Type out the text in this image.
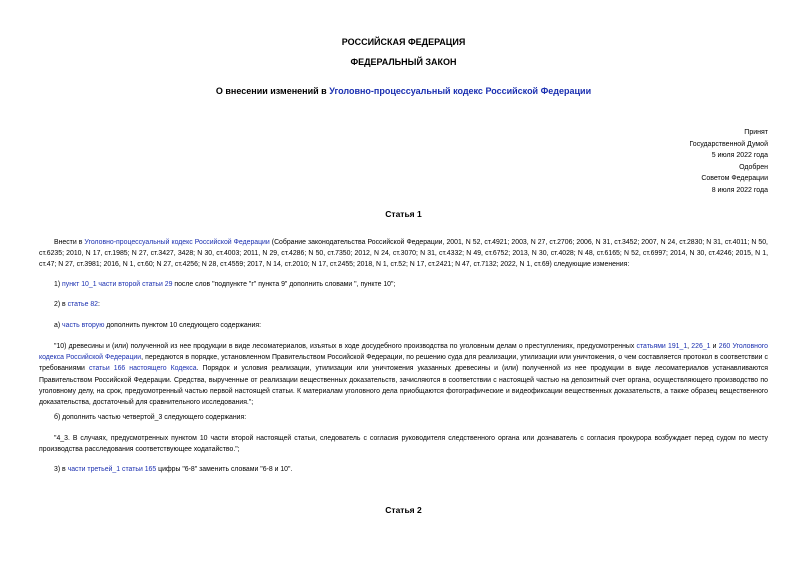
РОССИЙСКАЯ ФЕДЕРАЦИЯ
ФЕДЕРАЛЬНЫЙ ЗАКОН
О внесении изменений в Уголовно-процессуальный кодекс Российской Федерации
Принят
Государственной Думой
5 июля 2022 года
Одобрен
Советом Федерации
8 июля 2022 года
Статья 1
Внести в Уголовно-процессуальный кодекс Российской Федерации (Собрание законодательства Российской Федерации, 2001, N 52, ст.4921; 2003, N 27, ст.2706; 2006, N 31, ст.3452; 2007, N 24, ст.2830; N 31, ст.4011; N 50, ст.6235; 2010, N 17, ст.1985; N 27, ст.3427, 3428; N 30, ст.4003; 2011, N 29, ст.4286; N 50, ст.7350; 2012, N 24, ст.3070; N 31, ст.4332; N 49, ст.6752; 2013, N 30, ст.4028; N 48, ст.6165; N 52, ст.6997; 2014, N 30, ст.4246; 2015, N 1, ст.47; N 27, ст.3981; 2016, N 1, ст.60; N 27, ст.4256; N 28, ст.4559; 2017, N 14, ст.2010; N 17, ст.2455; 2018, N 1, ст.52; N 17, ст.2421; N 47, ст.7132; 2022, N 1, ст.69) следующие изменения:
1) пункт 10_1 части второй статьи 29 после слов "подпункте "г" пункта 9" дополнить словами ", пункте 10";
2) в статье 82:
а) часть вторую дополнить пунктом 10 следующего содержания:
"10) древесины и (или) полученной из нее продукции в виде лесоматериалов, изъятых в ходе досудебного производства по уголовным делам о преступлениях, предусмотренных статьями 191_1, 226_1 и 260 Уголовного кодекса Российской Федерации, передаются в порядке, установленном Правительством Российской Федерации, по решению суда для реализации, утилизации или уничтожения, о чем составляется протокол в соответствии с требованиями статьи 166 настоящего Кодекса. Порядок и условия реализации, утилизации или уничтожения указанных древесины и (или) полученной из нее продукции в виде лесоматериалов устанавливаются Правительством Российской Федерации. Средства, вырученные от реализации вещественных доказательств, зачисляются в соответствии с настоящей частью на депозитный счет органа, осуществляющего производство по уголовному делу, на срок, предусмотренный частью первой настоящей статьи. К материалам уголовного дела приобщаются фотографические и видеофиксации вещественных доказательств, а также образец вещественного доказательства, достаточный для сравнительного исследования.";
б) дополнить частью четвертой_3 следующего содержания:
"4_3. В случаях, предусмотренных пунктом 10 части второй настоящей статьи, следователь с согласия руководителя следственного органа или дознаватель с согласия прокурора возбуждает перед судом по месту производства расследования соответствующее ходатайство.";
3) в части третьей_1 статьи 165 цифры "6-8" заменить словами "6-8 и 10".
Статья 2
